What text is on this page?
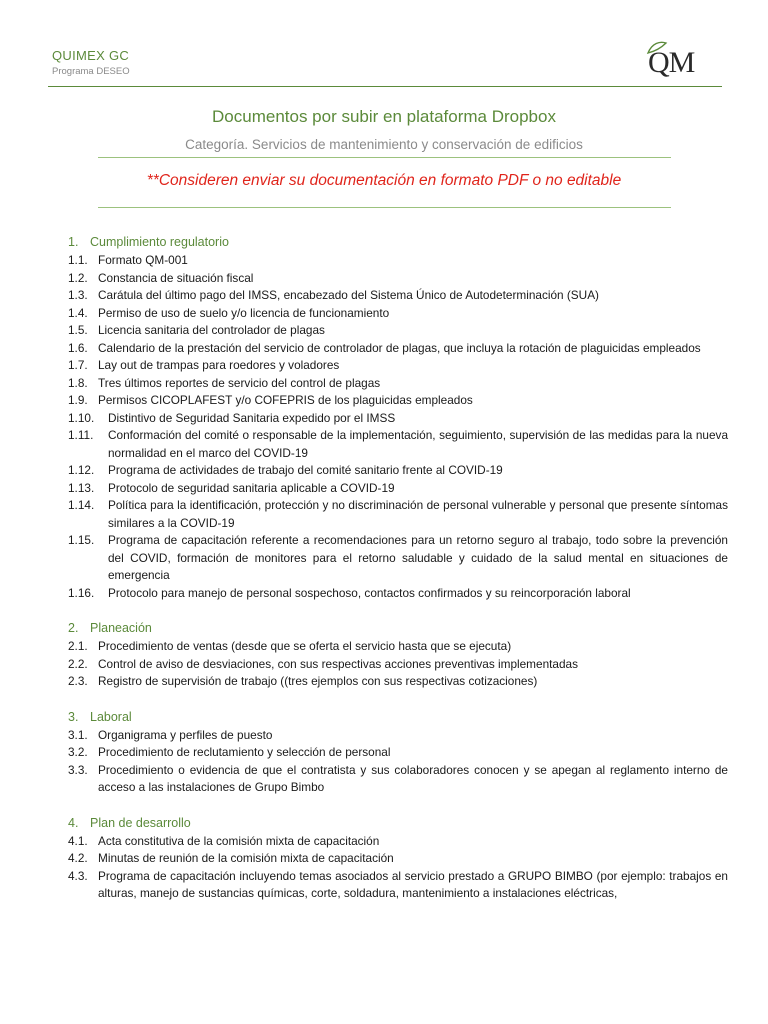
QUIMEX GC
Programa DESEO	QM
Documentos por subir en plataforma Dropbox
Categoría. Servicios de mantenimiento y conservación de edificios
**Consideren enviar su documentación en formato PDF o no editable
1. Cumplimiento regulatorio
1.1. Formato QM-001
1.2. Constancia de situación fiscal
1.3. Carátula del último pago del IMSS, encabezado del Sistema Único de Autodeterminación (SUA)
1.4. Permiso de uso de suelo y/o licencia de funcionamiento
1.5. Licencia sanitaria del controlador de plagas
1.6. Calendario de la prestación del servicio de controlador de plagas, que incluya la rotación de plaguicidas empleados
1.7. Lay out de trampas para roedores y voladores
1.8. Tres últimos reportes de servicio del control de plagas
1.9. Permisos CICOPLAFEST y/o COFEPRIS de los plaguicidas empleados
1.10. Distintivo de Seguridad Sanitaria expedido por el IMSS
1.11. Conformación del comité o responsable de la implementación, seguimiento, supervisión de las medidas para la nueva normalidad en el marco del COVID-19
1.12. Programa de actividades de trabajo del comité sanitario frente al COVID-19
1.13. Protocolo de seguridad sanitaria aplicable a COVID-19
1.14. Política para la identificación, protección y no discriminación de personal vulnerable y personal que presente síntomas similares a la COVID-19
1.15. Programa de capacitación referente a recomendaciones para un retorno seguro al trabajo, todo sobre la prevención del COVID, formación de monitores para el retorno saludable y cuidado de la salud mental en situaciones de emergencia
1.16. Protocolo para manejo de personal sospechoso, contactos confirmados y su reincorporación laboral
2. Planeación
2.1. Procedimiento de ventas (desde que se oferta el servicio hasta que se ejecuta)
2.2. Control de aviso de desviaciones, con sus respectivas acciones preventivas implementadas
2.3. Registro de supervisión de trabajo ((tres ejemplos con sus respectivas cotizaciones)
3. Laboral
3.1. Organigrama y perfiles de puesto
3.2. Procedimiento de reclutamiento y selección de personal
3.3. Procedimiento o evidencia de que el contratista y sus colaboradores conocen y se apegan al reglamento interno de acceso a las instalaciones de Grupo Bimbo
4. Plan de desarrollo
4.1. Acta constitutiva de la comisión mixta de capacitación
4.2. Minutas de reunión de la comisión mixta de capacitación
4.3. Programa de capacitación incluyendo temas asociados al servicio prestado a GRUPO BIMBO (por ejemplo: trabajos en alturas, manejo de sustancias químicas, corte, soldadura, mantenimiento a instalaciones eléctricas,
